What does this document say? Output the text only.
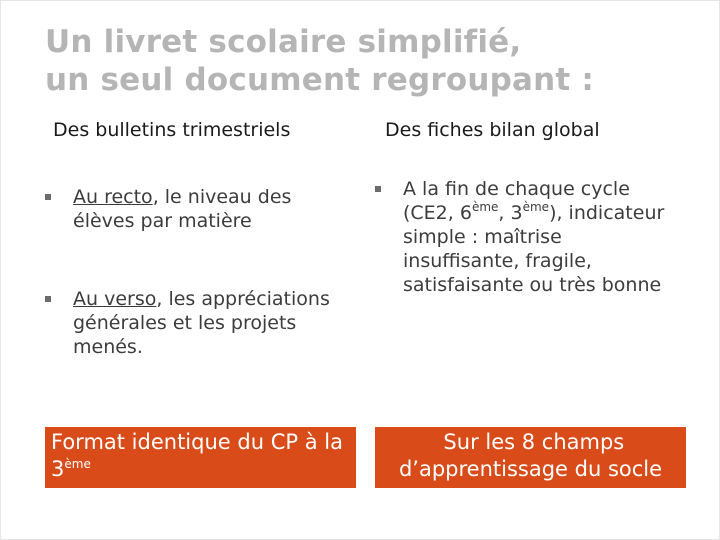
Un livret scolaire simplifié,
un seul document regroupant :
Des bulletins trimestriels
Au recto, le niveau des élèves par matière
Au verso, les appréciations générales et les projets menés.
Format identique du CP à la 3ème
Des fiches bilan global
A la fin de chaque cycle (CE2, 6ème, 3ème), indicateur simple : maîtrise insuffisante, fragile, satisfaisante ou très bonne
Sur les 8 champs
d’apprentissage du socle
